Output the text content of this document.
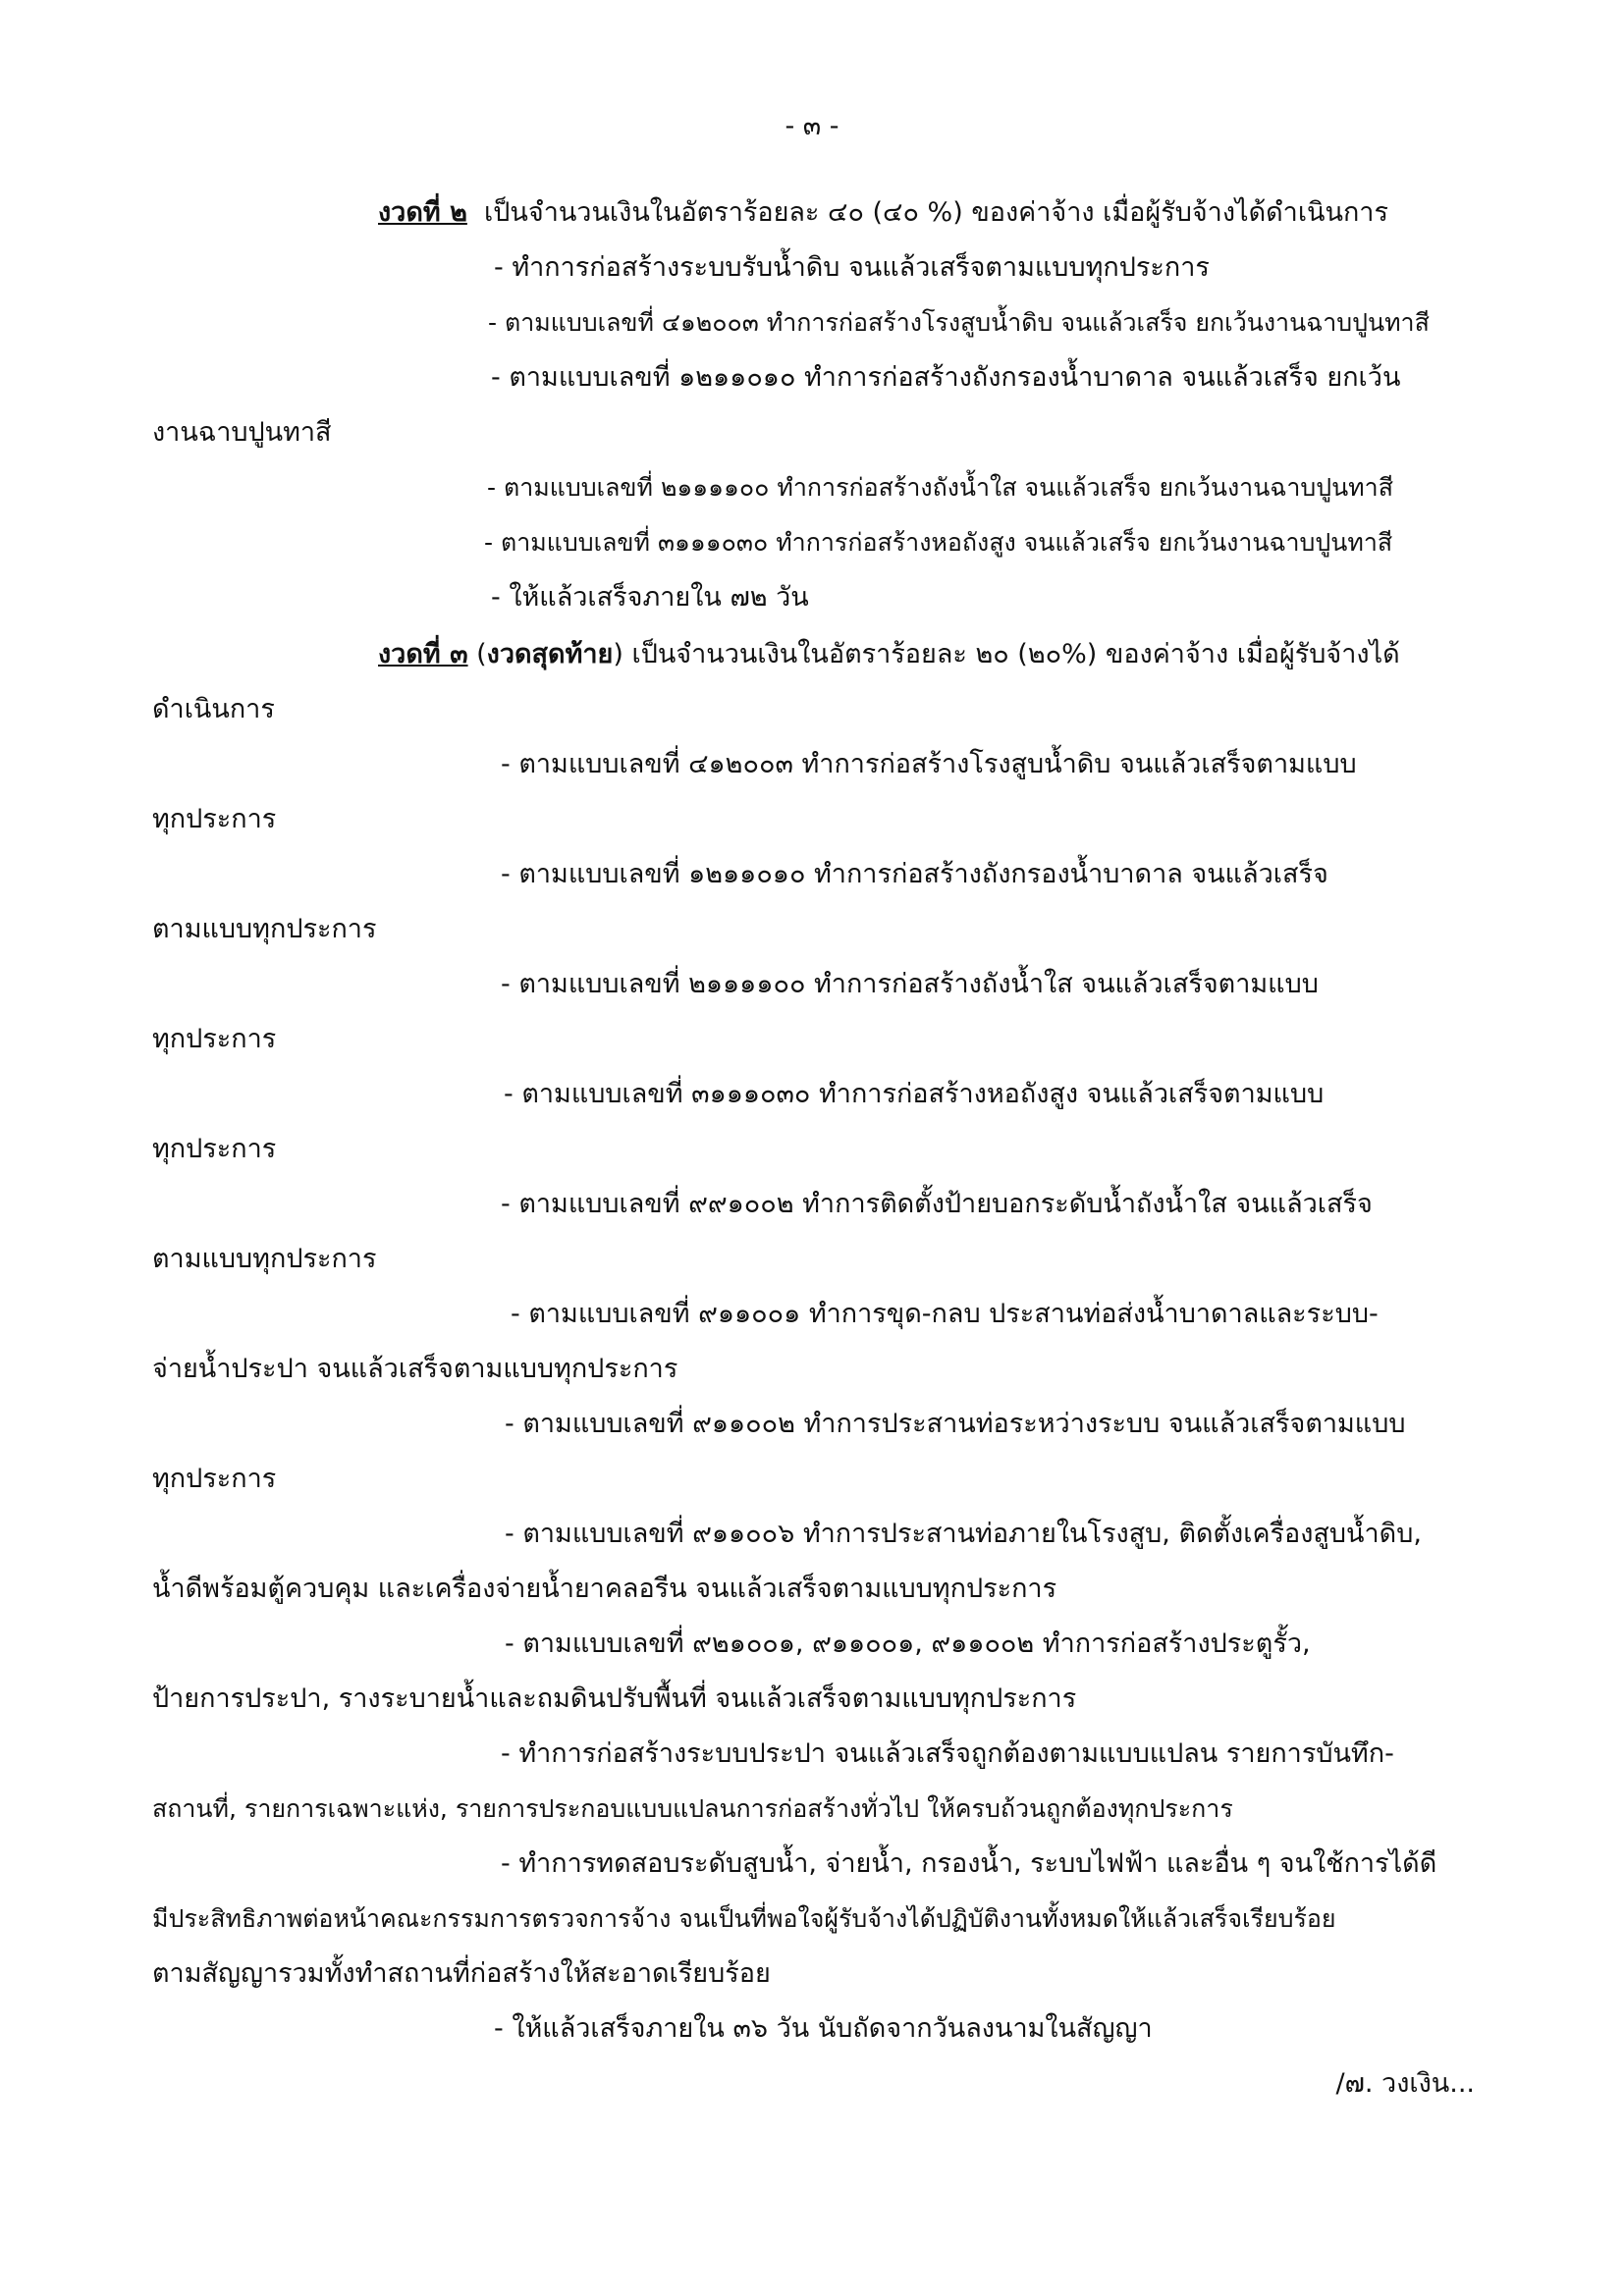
- ๓ -
งวดที่ ๒ เป็นจำนวนเงินในอัตราร้อยละ ๔๐ (๔๐ %) ของค่าจ้าง เมื่อผู้รับจ้างได้ดำเนินการ
- ทำการก่อสร้างระบบรับน้ำดิบ จนแล้วเสร็จตามแบบทุกประการ
- ตามแบบเลขที่ ๔๑๒๐๐๓ ทำการก่อสร้างโรงสูบน้ำดิบ จนแล้วเสร็จ ยกเว้นงานฉาบปูนทาสี
- ตามแบบเลขที่ ๑๒๑๑๐๑๐ ทำการก่อสร้างถังกรองน้ำบาดาล จนแล้วเสร็จ ยกเว้น
งานฉาบปูนทาสี
- ตามแบบเลขที่ ๒๑๑๑๑๐๐ ทำการก่อสร้างถังน้ำใส จนแล้วเสร็จ ยกเว้นงานฉาบปูนทาสี
- ตามแบบเลขที่ ๓๑๑๑๐๓๐ ทำการก่อสร้างหอถังสูง จนแล้วเสร็จ ยกเว้นงานฉาบปูนทาสี
- ให้แล้วเสร็จภายใน ๗๒ วัน
งวดที่ ๓ (งวดสุดท้าย) เป็นจำนวนเงินในอัตราร้อยละ ๒๐ (๒๐%) ของค่าจ้าง เมื่อผู้รับจ้างได้
ดำเนินการ
- ตามแบบเลขที่ ๔๑๒๐๐๓ ทำการก่อสร้างโรงสูบน้ำดิบ จนแล้วเสร็จตามแบบ
ทุกประการ
- ตามแบบเลขที่ ๑๒๑๑๐๑๐ ทำการก่อสร้างถังกรองน้ำบาดาล จนแล้วเสร็จ
ตามแบบทุกประการ
- ตามแบบเลขที่ ๒๑๑๑๑๐๐ ทำการก่อสร้างถังน้ำใส จนแล้วเสร็จตามแบบ
ทุกประการ
- ตามแบบเลขที่ ๓๑๑๑๐๓๐ ทำการก่อสร้างหอถังสูง จนแล้วเสร็จตามแบบ
ทุกประการ
- ตามแบบเลขที่ ๙๙๑๐๐๒ ทำการติดตั้งป้ายบอกระดับน้ำถังน้ำใส จนแล้วเสร็จ
ตามแบบทุกประการ
- ตามแบบเลขที่ ๙๑๑๐๐๑ ทำการขุด-กลบ ประสานท่อส่งน้ำบาดาลและระบบ-
จ่ายน้ำประปา จนแล้วเสร็จตามแบบทุกประการ
- ตามแบบเลขที่ ๙๑๑๐๐๒ ทำการประสานท่อระหว่างระบบ จนแล้วเสร็จตามแบบ
ทุกประการ
- ตามแบบเลขที่ ๙๑๑๐๐๖ ทำการประสานท่อภายในโรงสูบ, ติดตั้งเครื่องสูบน้ำดิบ,
น้ำดีพร้อมตู้ควบคุม และเครื่องจ่ายน้ำยาคลอรีน จนแล้วเสร็จตามแบบทุกประการ
- ตามแบบเลขที่ ๙๒๑๐๐๑, ๙๑๑๐๐๑, ๙๑๑๐๐๒ ทำการก่อสร้างประตูรั้ว,
ป้ายการประปา, รางระบายน้ำและถมดินปรับพื้นที่ จนแล้วเสร็จตามแบบทุกประการ
- ทำการก่อสร้างระบบประปา จนแล้วเสร็จถูกต้องตามแบบแปลน รายการบันทึก-
สถานที่, รายการเฉพาะแห่ง, รายการประกอบแบบแปลนการก่อสร้างทั่วไป ให้ครบถ้วนถูกต้องทุกประการ
- ทำการทดสอบระดับสูบน้ำ, จ่ายน้ำ, กรองน้ำ, ระบบไฟฟ้า และอื่น ๆ จนใช้การได้ดี
มีประสิทธิภาพต่อหน้าคณะกรรมการตรวจการจ้าง จนเป็นที่พอใจผู้รับจ้างได้ปฏิบัติงานทั้งหมดให้แล้วเสร็จเรียบร้อย
ตามสัญญารวมทั้งทำสถานที่ก่อสร้างให้สะอาดเรียบร้อย
- ให้แล้วเสร็จภายใน ๓๖ วัน นับถัดจากวันลงนามในสัญญา
/๗. วงเงิน...
